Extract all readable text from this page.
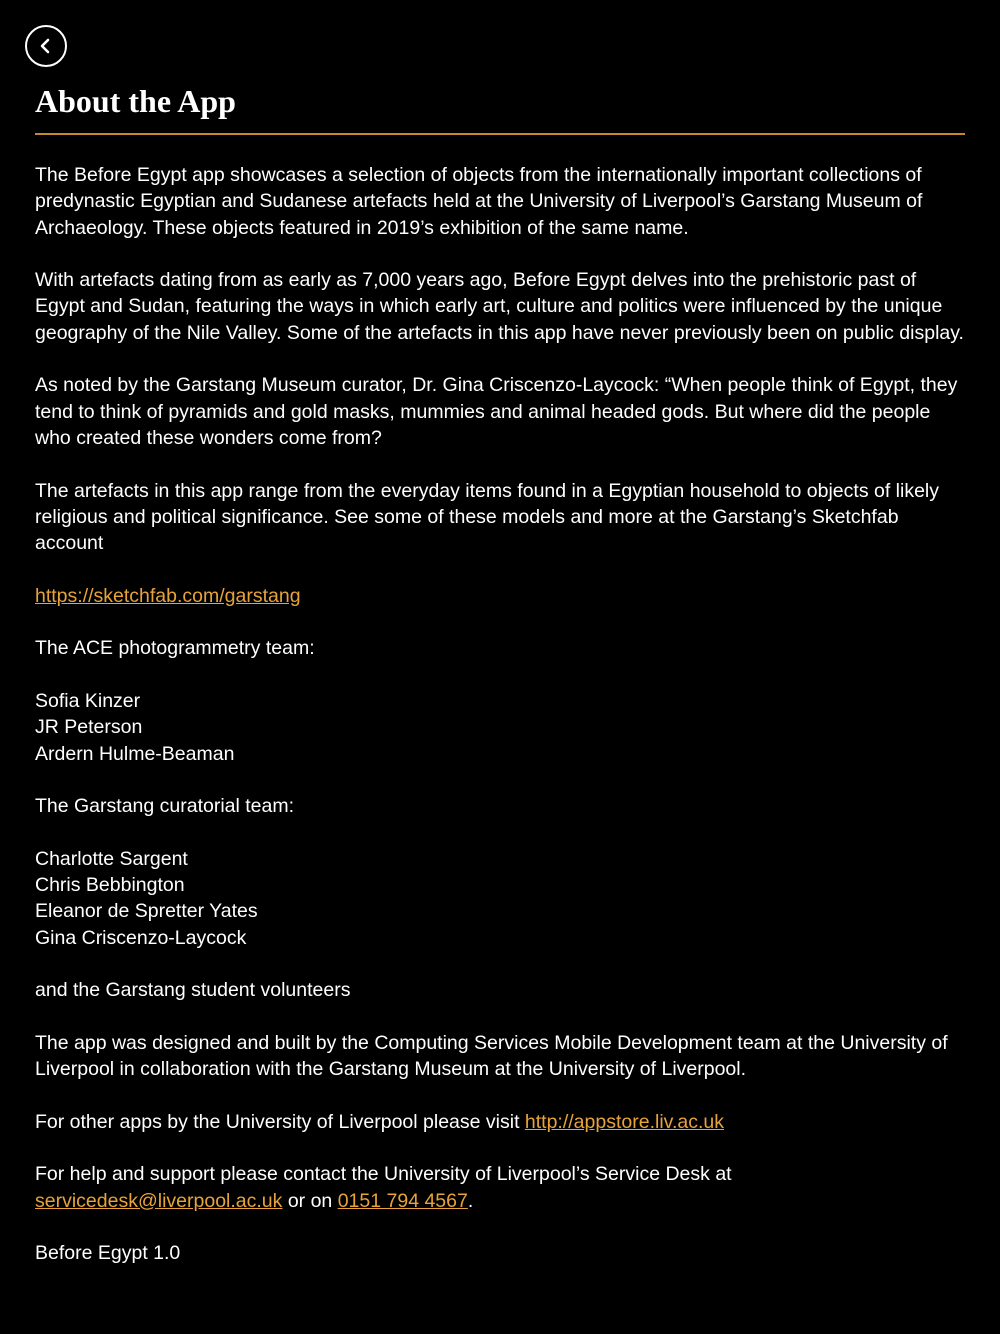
About the App

The Before Egypt app showcases a selection of objects from the internationally important collections of predynastic Egyptian and Sudanese artefacts held at the University of Liverpool’s Garstang Museum of Archaeology. These objects featured in 2019’s exhibition of the same name.

With artefacts dating from as early as 7,000 years ago, Before Egypt delves into the prehistoric past of Egypt and Sudan, featuring the ways in which early art, culture and politics were influenced by the unique geography of the Nile Valley. Some of the artefacts in this app have never previously been on public display.

As noted by the Garstang Museum curator, Dr. Gina Criscenzo-Laycock: “When people think of Egypt, they tend to think of pyramids and gold masks, mummies and animal headed gods. But where did the people who created these wonders come from?

The artefacts in this app range from the everyday items found in a Egyptian household to objects of likely religious and political significance. See some of these models and more at the Garstang’s Sketchfab account

https://sketchfab.com/garstang

The ACE photogrammetry team:

Sofia Kinzer
JR Peterson
Ardern Hulme-Beaman

The Garstang curatorial team:

Charlotte Sargent
Chris Bebbington
Eleanor de Spretter Yates
Gina Criscenzo-Laycock

and the Garstang student volunteers

The app was designed and built by the Computing Services Mobile Development team at the University of Liverpool in collaboration with the Garstang Museum at the University of Liverpool.

For other apps by the University of Liverpool please visit http://appstore.liv.ac.uk

For help and support please contact the University of Liverpool’s Service Desk at servicedesk@liverpool.ac.uk or on 0151 794 4567.

Before Egypt 1.0
